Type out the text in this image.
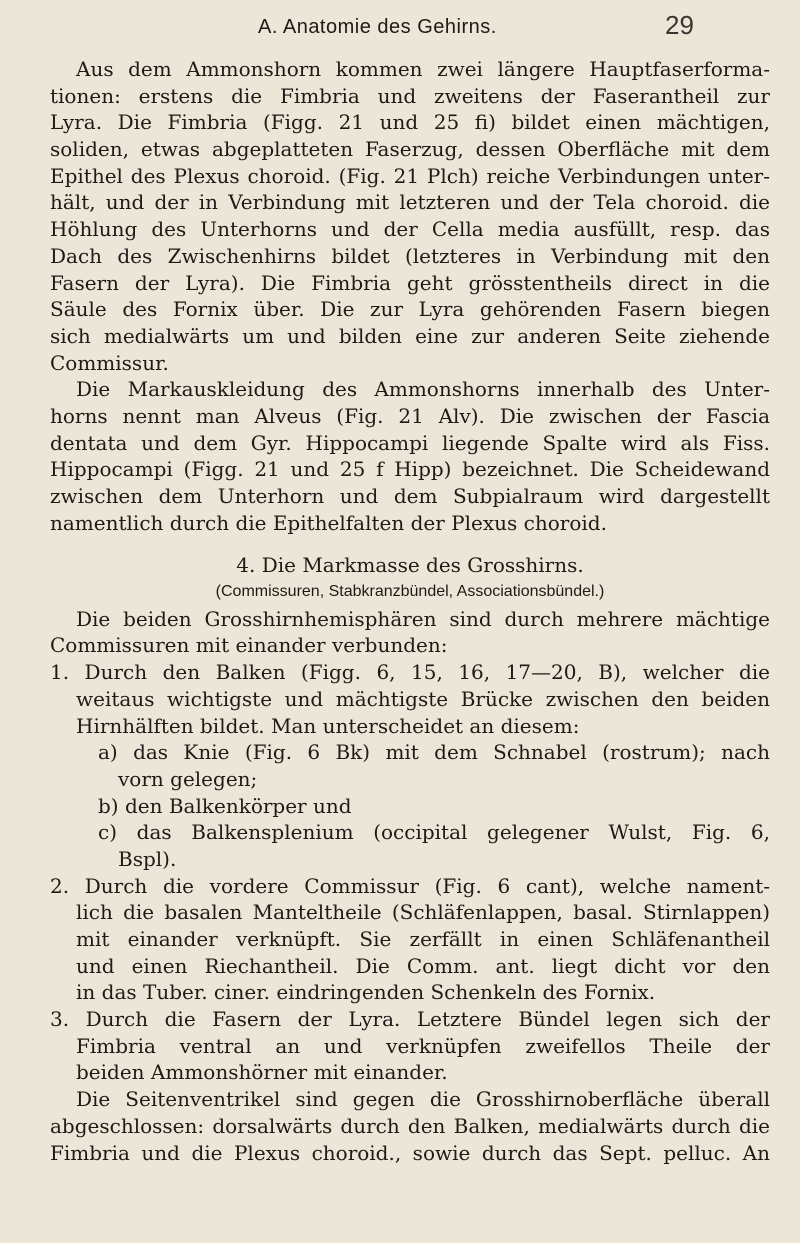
A. Anatomie des Gehirns.	29
Aus dem Ammonshorn kommen zwei längere Hauptfaserforma-
tionen: erstens die Fimbria und zweitens der Faserantheil zur
Lyra. Die Fimbria (Figg. 21 und 25 fi) bildet einen mächtigen,
soliden, etwas abgeplatteten Faserzug, dessen Oberfläche mit dem
Epithel des Plexus choroid. (Fig. 21 Plch) reiche Verbindungen unter-
hält, und der in Verbindung mit letzteren und der Tela choroid. die
Höhlung des Unterhorns und der Cella media ausfüllt, resp. das
Dach des Zwischenhirns bildet (letzteres in Verbindung mit den
Fasern der Lyra). Die Fimbria geht grösstentheils direct in die
Säule des Fornix über. Die zur Lyra gehörenden Fasern biegen
sich medialwärts um und bilden eine zur anderen Seite ziehende
Commissur.
Die Markauskleidung des Ammonshorns innerhalb des Unter-
horns nennt man Alveus (Fig. 21 Alv). Die zwischen der Fascia
dentata und dem Gyr. Hippocampi liegende Spalte wird als Fiss.
Hippocampi (Figg. 21 und 25 f Hipp) bezeichnet. Die Scheidewand
zwischen dem Unterhorn und dem Subpialraum wird dargestellt
namentlich durch die Epithelfalten der Plexus choroid.
4. Die Markmasse des Grosshirns.
(Commissuren, Stabkranzbündel, Associationsbündel.)
Die beiden Grosshirnhemisphären sind durch mehrere mächtige
Commissuren mit einander verbunden:
1. Durch den Balken (Figg. 6, 15, 16, 17—20, B), welcher die
weitaus wichtigste und mächtigste Brücke zwischen den beiden
Hirnhälften bildet. Man unterscheidet an diesem:
a) das Knie (Fig. 6 Bk) mit dem Schnabel (rostrum); nach
vorn gelegen;
b) den Balkenkörper und
c) das Balkensplenium (occipital gelegener Wulst, Fig. 6,
Bspl).
2. Durch die vordere Commissur (Fig. 6 cant), welche nament-
lich die basalen Manteltheile (Schläfenlappen, basal. Stirnlappen)
mit einander verknüpft. Sie zerfällt in einen Schläfenantheil
und einen Riechantheil. Die Comm. ant. liegt dicht vor den
in das Tuber. ciner. eindringenden Schenkeln des Fornix.
3. Durch die Fasern der Lyra. Letztere Bündel legen sich der
Fimbria ventral an und verknüpfen zweifellos Theile der
beiden Ammonshörner mit einander.
Die Seitenventrikel sind gegen die Grosshirnoberfläche überall
abgeschlossen: dorsalwärts durch den Balken, medialwärts durch die
Fimbria und die Plexus choroid., sowie durch das Sept. pelluc. An
